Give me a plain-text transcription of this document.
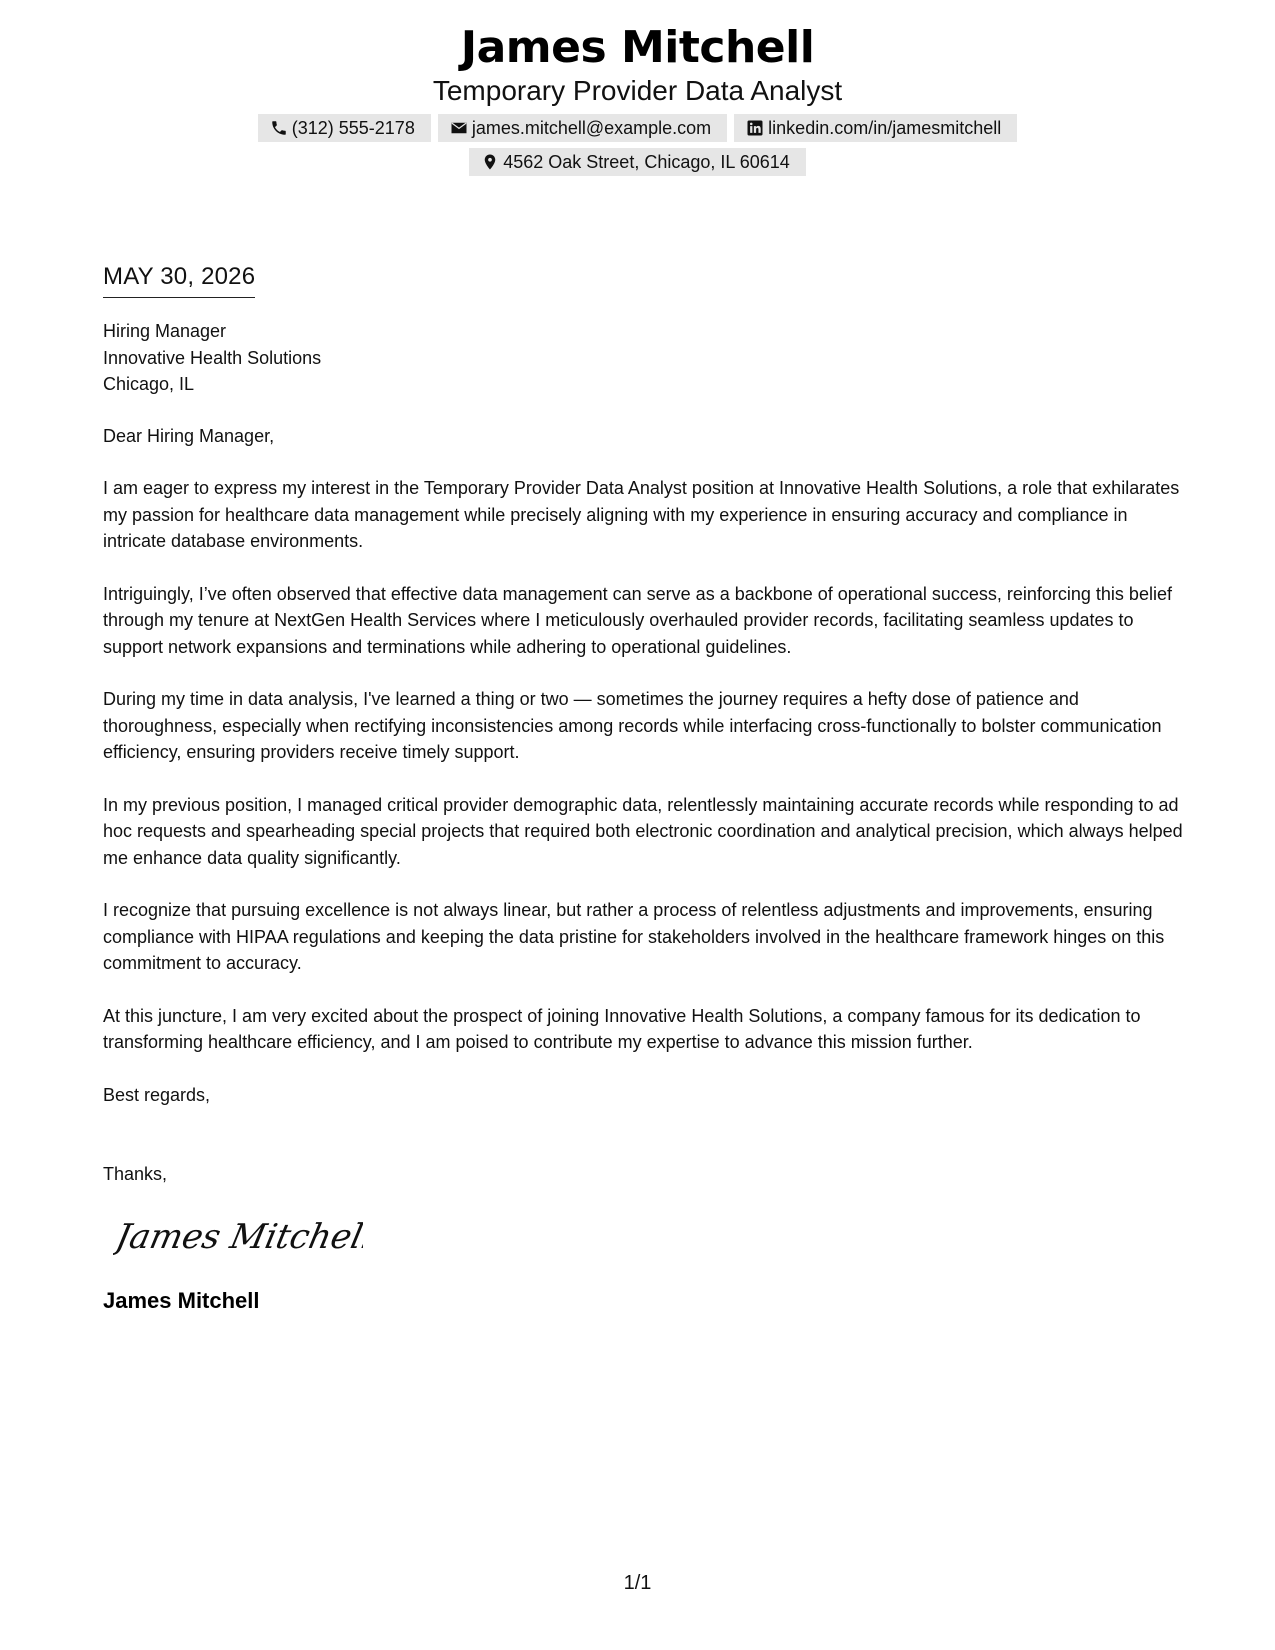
James Mitchell
Temporary Provider Data Analyst
(312) 555-2178	james.mitchell@example.com	linkedin.com/in/jamesmitchell
4562 Oak Street, Chicago, IL 60614
MAY 30, 2026
Hiring Manager
Innovative Health Solutions
Chicago, IL
Dear Hiring Manager,
I am eager to express my interest in the Temporary Provider Data Analyst position at Innovative Health Solutions, a role that exhilarates my passion for healthcare data management while precisely aligning with my experience in ensuring accuracy and compliance in intricate database environments.
Intriguingly, I’ve often observed that effective data management can serve as a backbone of operational success, reinforcing this belief through my tenure at NextGen Health Services where I meticulously overhauled provider records, facilitating seamless updates to support network expansions and terminations while adhering to operational guidelines.
During my time in data analysis, I've learned a thing or two — sometimes the journey requires a hefty dose of patience and thoroughness, especially when rectifying inconsistencies among records while interfacing cross-functionally to bolster communication efficiency, ensuring providers receive timely support.
In my previous position, I managed critical provider demographic data, relentlessly maintaining accurate records while responding to ad hoc requests and spearheading special projects that required both electronic coordination and analytical precision, which always helped me enhance data quality significantly.
I recognize that pursuing excellence is not always linear, but rather a process of relentless adjustments and improvements, ensuring compliance with HIPAA regulations and keeping the data pristine for stakeholders involved in the healthcare framework hinges on this commitment to accuracy.
At this juncture, I am very excited about the prospect of joining Innovative Health Solutions, a company famous for its dedication to transforming healthcare efficiency, and I am poised to contribute my expertise to advance this mission further.
Best regards,
Thanks,
James Mitchell
James Mitchell
1/1
